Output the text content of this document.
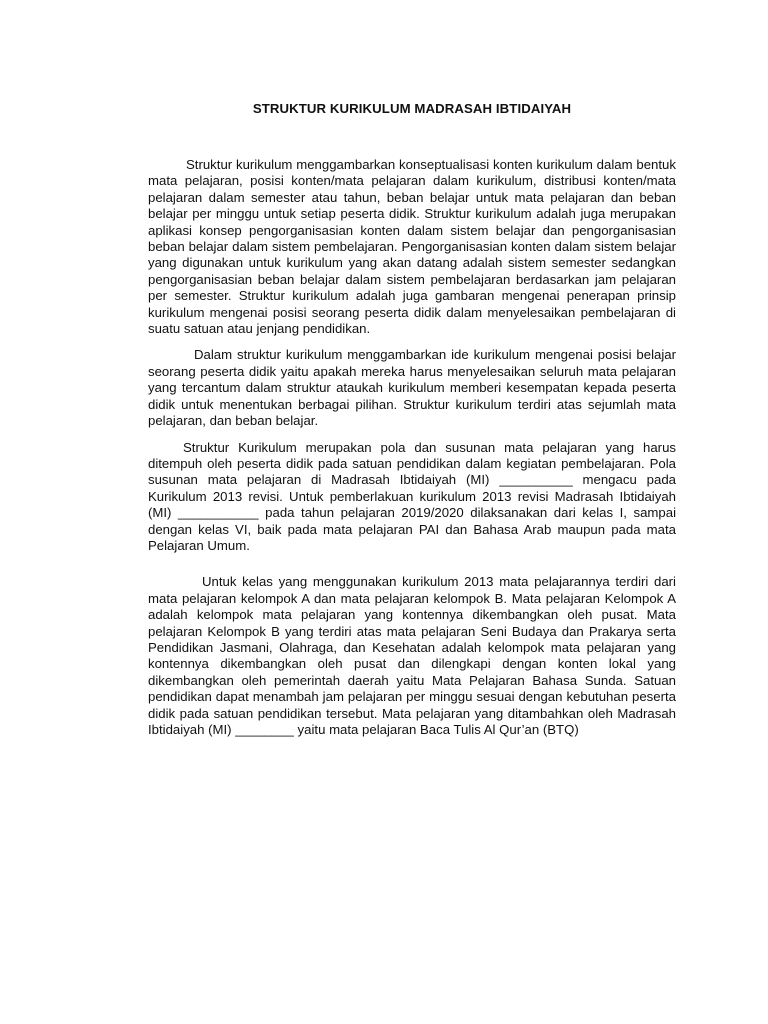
STRUKTUR KURIKULUM MADRASAH IBTIDAIYAH

Struktur kurikulum menggambarkan konseptualisasi konten kurikulum dalam bentuk mata pelajaran, posisi konten/mata pelajaran dalam kurikulum, distribusi konten/mata pelajaran dalam semester atau tahun, beban belajar untuk mata pelajaran dan beban belajar per minggu untuk setiap peserta didik. Struktur kurikulum adalah juga merupakan aplikasi konsep pengorganisasian konten dalam sistem belajar dan pengorganisasian beban belajar dalam sistem pembelajaran. Pengorganisasian konten dalam sistem belajar yang digunakan untuk kurikulum yang akan datang adalah sistem semester sedangkan pengorganisasian beban belajar dalam sistem pembelajaran berdasarkan jam pelajaran per semester. Struktur kurikulum adalah juga gambaran mengenai penerapan prinsip kurikulum mengenai posisi seorang peserta didik dalam menyelesaikan pembelajaran di suatu satuan atau jenjang pendidikan.

Dalam struktur kurikulum menggambarkan ide kurikulum mengenai posisi belajar seorang peserta didik yaitu apakah mereka harus menyelesaikan seluruh mata pelajaran yang tercantum dalam struktur ataukah kurikulum memberi kesempatan kepada peserta didik untuk menentukan berbagai pilihan. Struktur kurikulum terdiri atas sejumlah mata pelajaran, dan beban belajar.

Struktur Kurikulum merupakan pola dan susunan mata pelajaran yang harus ditempuh oleh peserta didik pada satuan pendidikan dalam kegiatan pembelajaran. Pola susunan mata pelajaran di Madrasah Ibtidaiyah (MI) __________ mengacu pada Kurikulum 2013 revisi. Untuk pemberlakuan kurikulum 2013 revisi Madrasah Ibtidaiyah (MI) ___________ pada tahun pelajaran 2019/2020 dilaksanakan dari kelas I, sampai dengan kelas VI, baik pada mata pelajaran PAI dan Bahasa Arab maupun pada mata Pelajaran Umum.

Untuk kelas yang menggunakan kurikulum 2013 mata pelajarannya terdiri dari mata pelajaran kelompok A dan mata pelajaran kelompok B. Mata pelajaran Kelompok A adalah kelompok mata pelajaran yang kontennya dikembangkan oleh pusat. Mata pelajaran Kelompok B yang terdiri atas mata pelajaran Seni Budaya dan Prakarya serta Pendidikan Jasmani, Olahraga, dan Kesehatan adalah kelompok mata pelajaran yang kontennya dikembangkan oleh pusat dan dilengkapi dengan konten lokal yang dikembangkan oleh pemerintah daerah yaitu Mata Pelajaran Bahasa Sunda. Satuan pendidikan dapat menambah jam pelajaran per minggu sesuai dengan kebutuhan peserta didik pada satuan pendidikan tersebut. Mata pelajaran yang ditambahkan oleh Madrasah Ibtidaiyah (MI) ________ yaitu mata pelajaran Baca Tulis Al Qur’an (BTQ)
